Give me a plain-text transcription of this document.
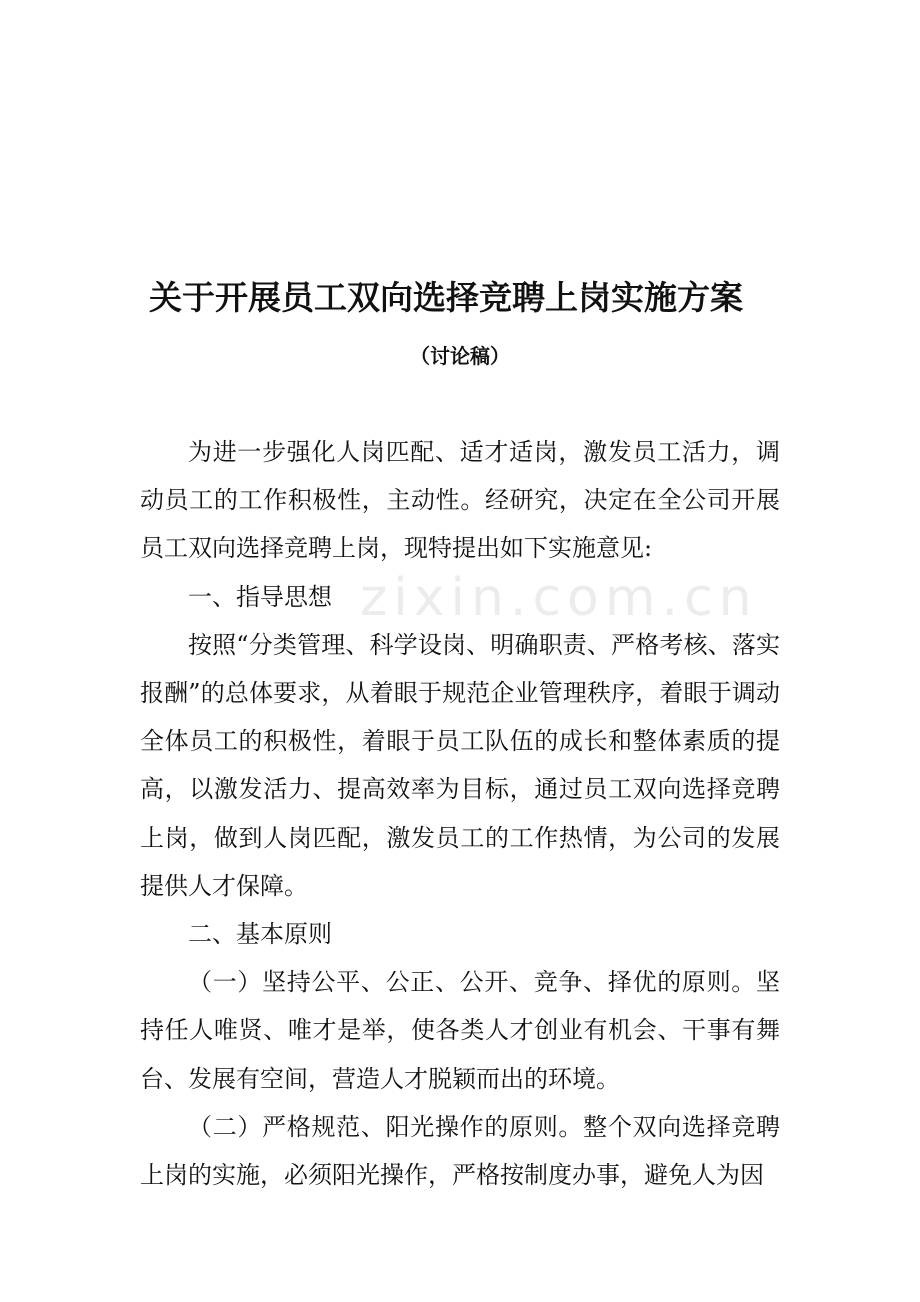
zixin.com.cn
关于开展员工双向选择竞聘上岗实施方案
（讨论稿）

为进一步强化人岗匹配、适才适岗，激发员工活力，调动员工的工作积极性，主动性。经研究，决定在全公司开展员工双向选择竞聘上岗，现特提出如下实施意见:

一、指导思想

按照“分类管理、科学设岗、明确职责、严格考核、落实报酬”的总体要求，从着眼于规范企业管理秩序，着眼于调动全体员工的积极性，着眼于员工队伍的成长和整体素质的提高，以激发活力、提高效率为目标，通过员工双向选择竞聘上岗，做到人岗匹配，激发员工的工作热情，为公司的发展提供人才保障。

二、基本原则

（一）坚持公平、公正、公开、竞争、择优的原则。坚持任人唯贤、唯才是举，使各类人才创业有机会、干事有舞台、发展有空间，营造人才脱颖而出的环境。

（二）严格规范、阳光操作的原则。整个双向选择竞聘上岗的实施，必须阳光操作，严格按制度办事，避免人为因
